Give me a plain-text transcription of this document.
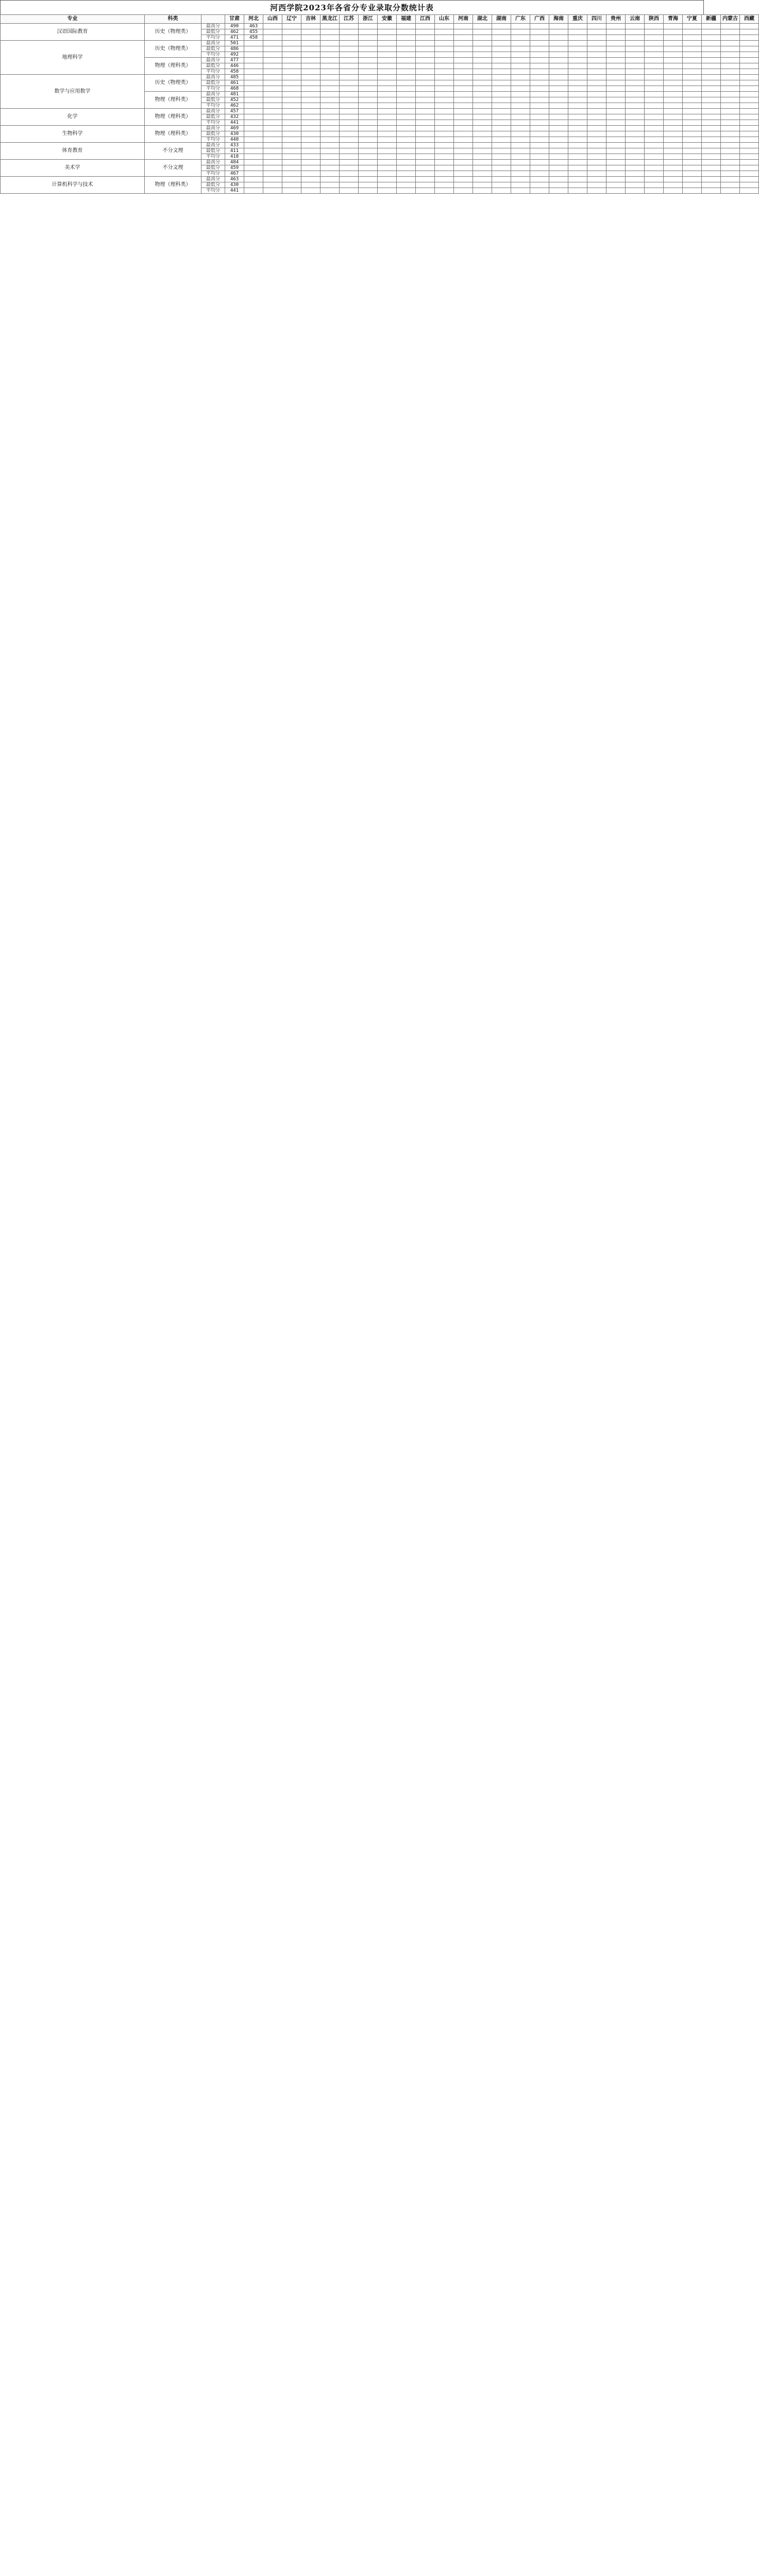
河西学院2023年各省分专业录取分数统计表
专业	科类		甘肃	河北	山西	辽宁	吉林	黑龙江	江苏	浙江	安徽	福建	江西	山东	河南	湖北	湖南	广东	广西	海南	重庆	四川	贵州	云南	陕西	青海	宁夏	新疆	内蒙古	西藏
汉语国际教育	历史（物理类）	最高分	490	463																										
		最低分	462	455																										
		平均分	471	458																										
地理科学	历史（物理类）	最高分	501																											
		最低分	486																											
		平均分	492																											
	物理（理科类）	最高分	477																											
		最低分	446																											
		平均分	458																											
数学与应用数学	历史（物理类）	最高分	485																											
		最低分	461																											
		平均分	468																											
	物理（理科类）	最高分	481																											
		最低分	452																											
		平均分	462																											
化学	物理（理科类）	最高分	457																											
		最低分	432																											
		平均分	441																											
生物科学	物理（理科类）	最高分	469																											
		最低分	430																											
		平均分	440																											
体育教育	不分文理	最高分	433																											
		最低分	411																											
		平均分	418																											
美术学	不分文理	最高分	484																											
		最低分	459																											
		平均分	467																											
计算机科学与技术	物理（理科类）	最高分	463																											
		最低分	430																											
		平均分	441																											
